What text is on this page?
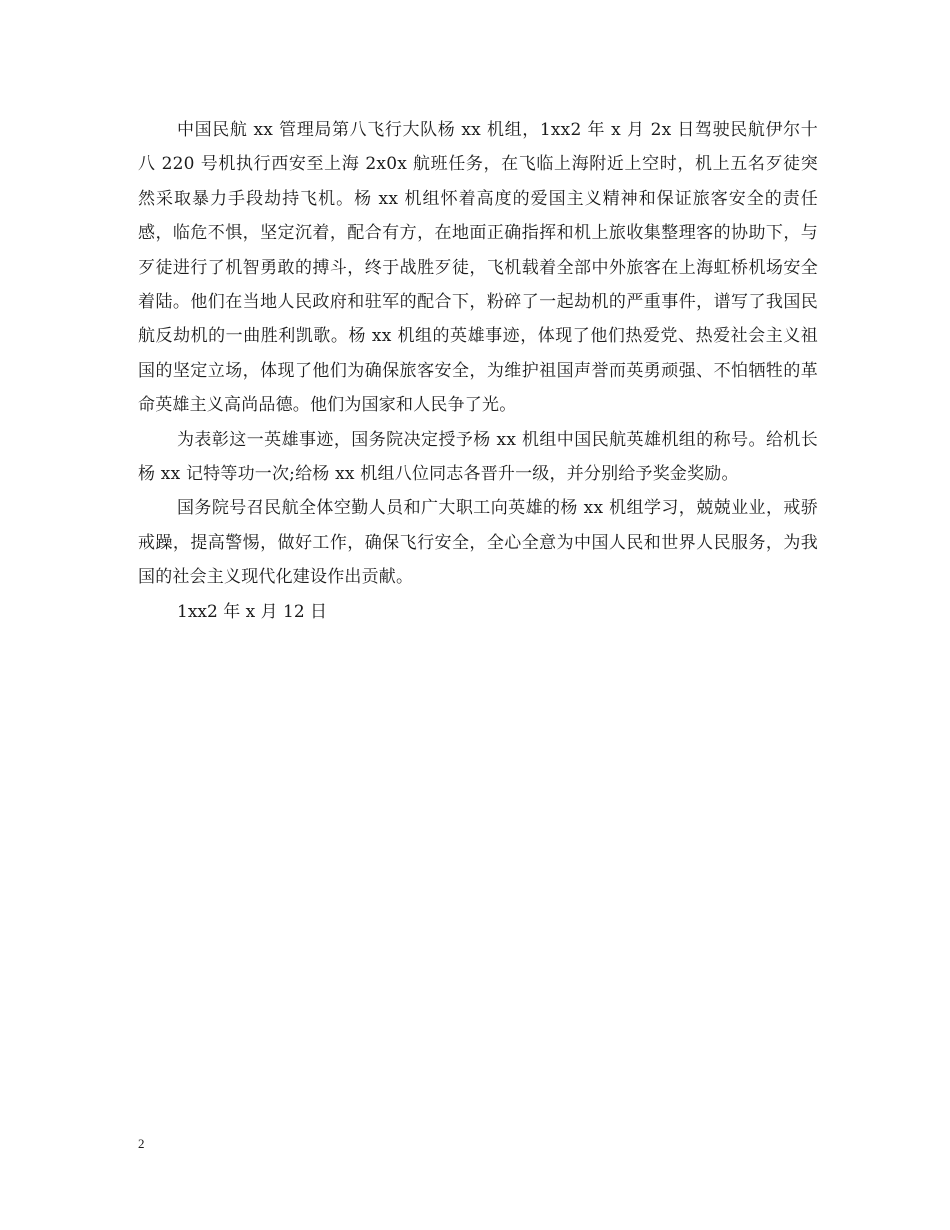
中国民航 xx 管理局第八飞行大队杨 xx 机组，1xx2 年 x 月 2x 日驾驶民航伊尔十八 220 号机执行西安至上海 2x0x 航班任务，在飞临上海附近上空时，机上五名歹徒突然采取暴力手段劫持飞机。杨 xx 机组怀着高度的爱国主义精神和保证旅客安全的责任感，临危不惧，坚定沉着，配合有方，在地面正确指挥和机上旅收集整理客的协助下，与歹徒进行了机智勇敢的搏斗，终于战胜歹徒，飞机载着全部中外旅客在上海虹桥机场安全着陆。他们在当地人民政府和驻军的配合下，粉碎了一起劫机的严重事件，谱写了我国民航反劫机的一曲胜利凯歌。杨 xx 机组的英雄事迹，体现了他们热爱党、热爱社会主义祖国的坚定立场，体现了他们为确保旅客安全，为维护祖国声誉而英勇顽强、不怕牺牲的革命英雄主义高尚品德。他们为国家和人民争了光。

为表彰这一英雄事迹，国务院决定授予杨 xx 机组中国民航英雄机组的称号。给机长杨 xx 记特等功一次;给杨 xx 机组八位同志各晋升一级，并分别给予奖金奖励。

国务院号召民航全体空勤人员和广大职工向英雄的杨 xx 机组学习，兢兢业业，戒骄戒躁，提高警惕，做好工作，确保飞行安全，全心全意为中国人民和世界人民服务，为我国的社会主义现代化建设作出贡献。

1xx2 年 x 月 12 日

2
